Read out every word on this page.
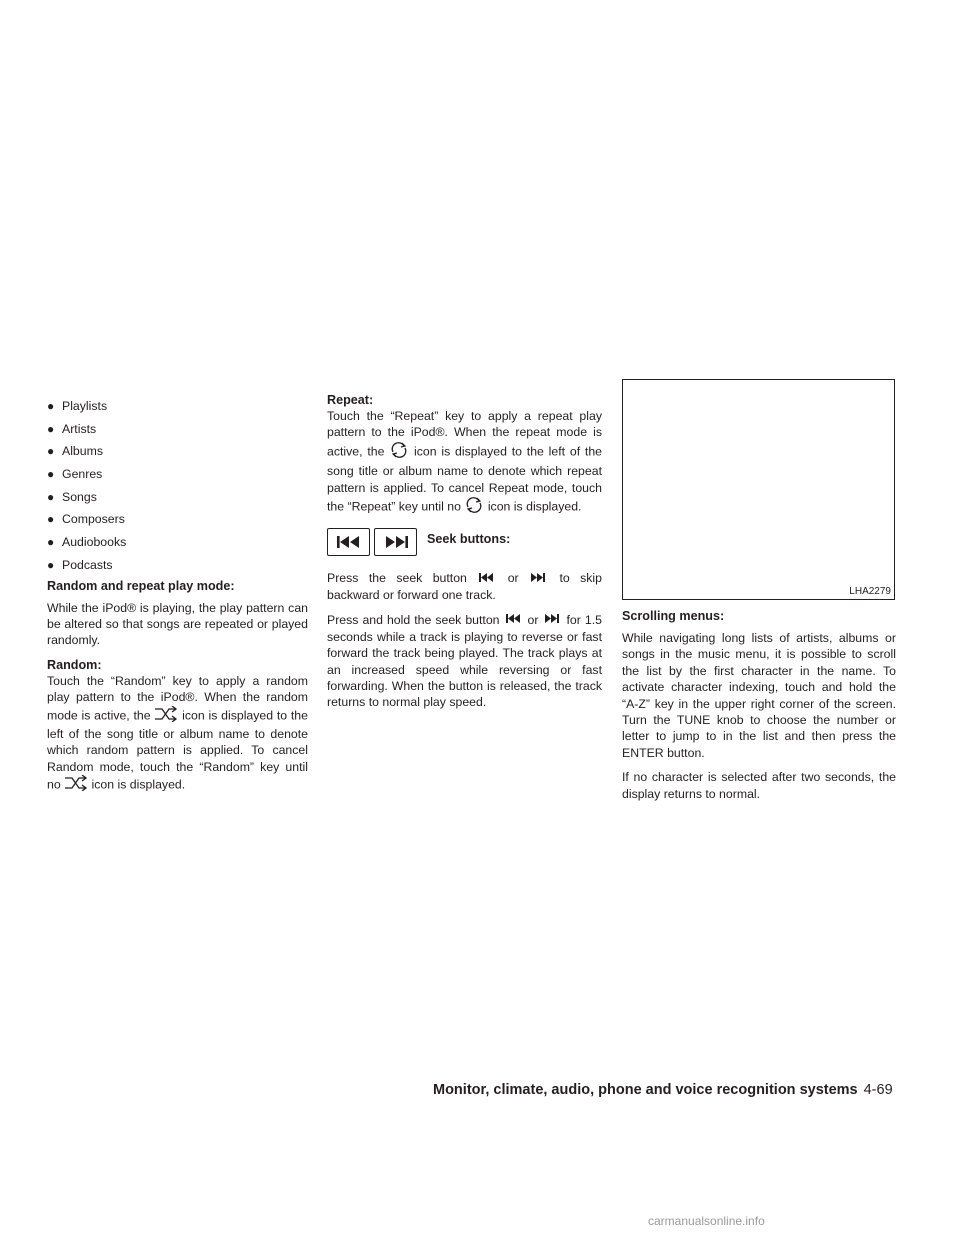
● Playlists
● Artists
● Albums
● Genres
● Songs
● Composers
● Audiobooks
● Podcasts
Random and repeat play mode:

While the iPod® is playing, the play pattern can be altered so that songs are repeated or played randomly.

Random:

Touch the “Random” key to apply a random play pattern to the iPod®. When the random mode is active, the	icon is displayed to the left of the song title or album name to denote which random pattern is applied. To cancel Random mode, touch the “Random” key until no	icon is displayed.

Repeat:

Touch the “Repeat” key to apply a repeat play pattern to the iPod®. When the repeat mode is active, the icon is displayed to the left of the song title or album name to denote which repeat pattern is applied. To cancel Repeat mode, touch the “Repeat” key until no icon is displayed.

Seek buttons:

Press the seek button	or	to skip backward or forward one track.

Press and hold the seek button or for 1.5 seconds while a track is playing to reverse or fast forward the track being played. The track plays at an increased speed while reversing or fast forwarding. When the button is released, the track returns to normal play speed.

LHA2279
Scrolling menus:

While navigating long lists of artists, albums or songs in the music menu, it is possible to scroll the list by the first character in the name. To activate character indexing, touch and hold the “A-Z” key in the upper right corner of the screen. Turn the TUNE knob to choose the number or letter to jump to in the list and then press the ENTER button.

If no character is selected after two seconds, the display returns to normal.

Monitor, climate, audio, phone and voice recognition systems 4-69
carmanualsonline.info
